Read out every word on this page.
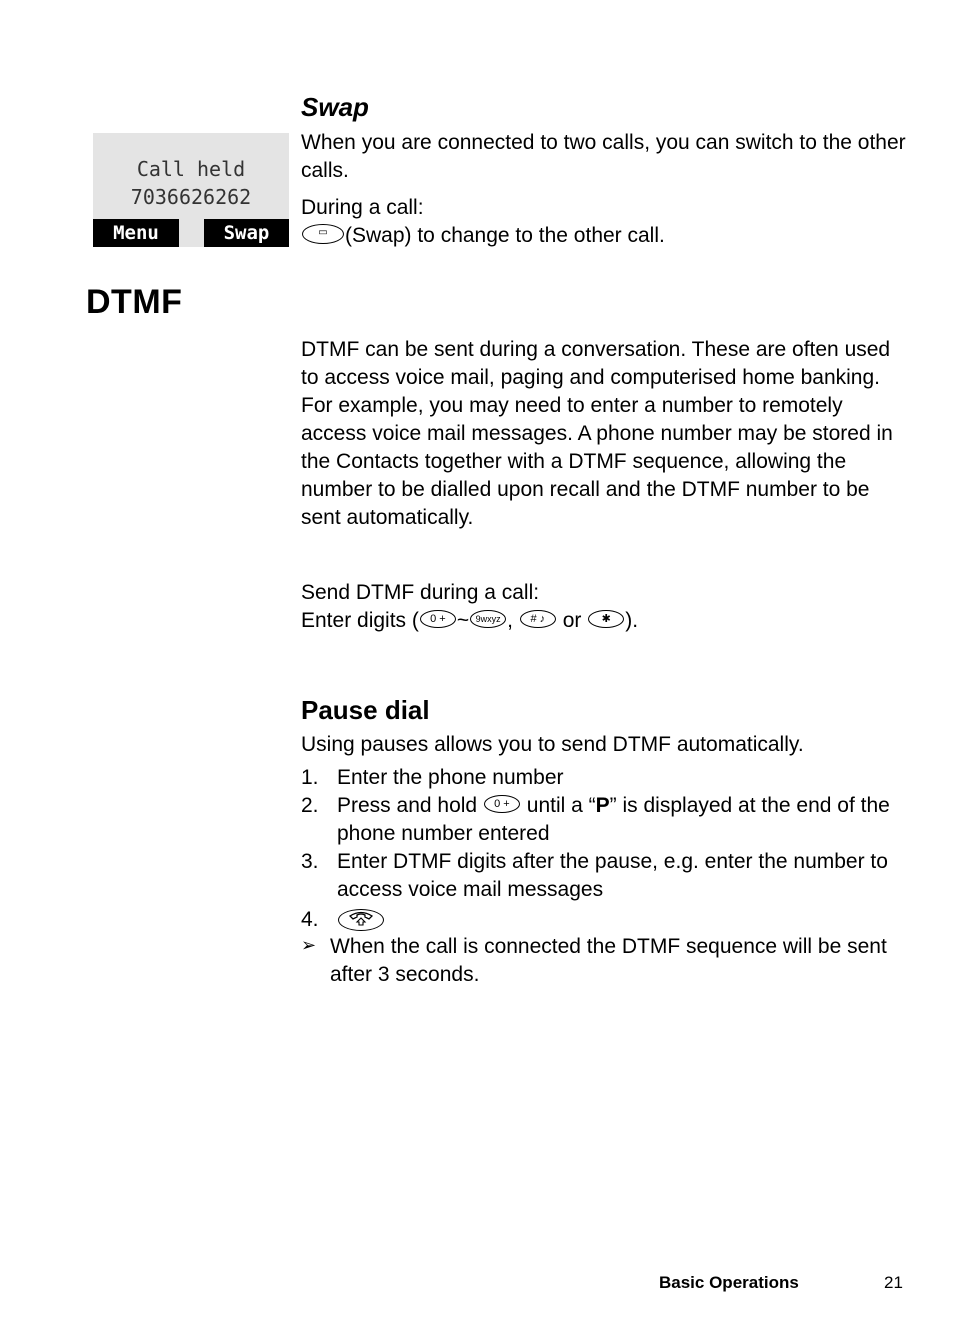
Swap
Call held
7036626262
Menu	Swap

When you are connected to two calls, you can switch to the other calls.

During a call:

▭ (Swap) to change to the other call.

DTMF

DTMF can be sent during a conversation. These are often used to access voice mail, paging and computerised home banking. For example, you may need to enter a number to remotely access voice mail messages. A phone number may be stored in the Contacts together with a DTMF sequence, allowing the number to be dialled upon recall and the DTMF number to be sent automatically.

Send DTMF during a call:

Enter digits ( 0 + ~ 9wxyz , # ♪ or ✱ ).

Pause dial

Using pauses allows you to send DTMF automatically.

1. Enter the phone number
2. Press and hold 0 + until a “P” is displayed at the end of the phone number entered
3. Enter DTMF digits after the pause, e.g. enter the number to access voice mail messages
4.
➢ When the call is connected the DTMF sequence will be sent after 3 seconds.

Basic Operations	21
